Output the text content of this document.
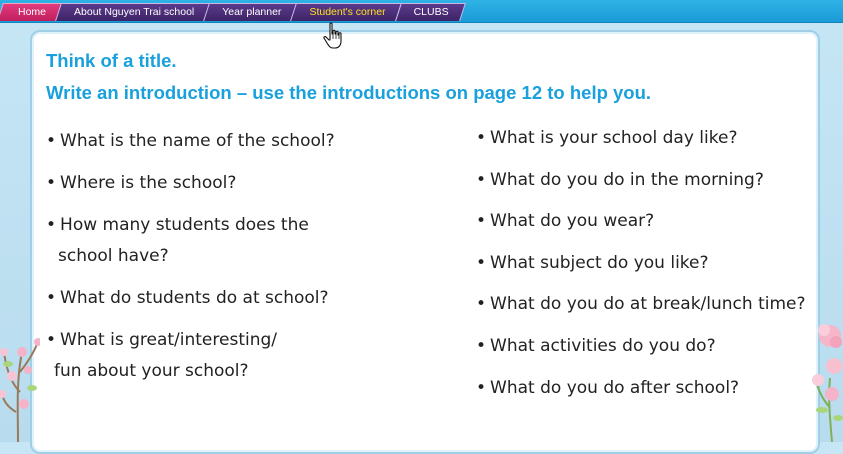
Home	About Nguyen Trai school	Year planner	Student's corner	CLUBS
Think of a title.
Write an introduction – use the introductions on page 12 to help you.
• What is the name of the school?
• Where is the school?
• How many students does the
school have?
• What do students do at school?
• What is great/interesting/
fun about your school?
• What is your school day like?
• What do you do in the morning?
• What do you wear?
• What subject do you like?
• What do you do at break/lunch time?
• What activities do you do?
• What do you do after school?
